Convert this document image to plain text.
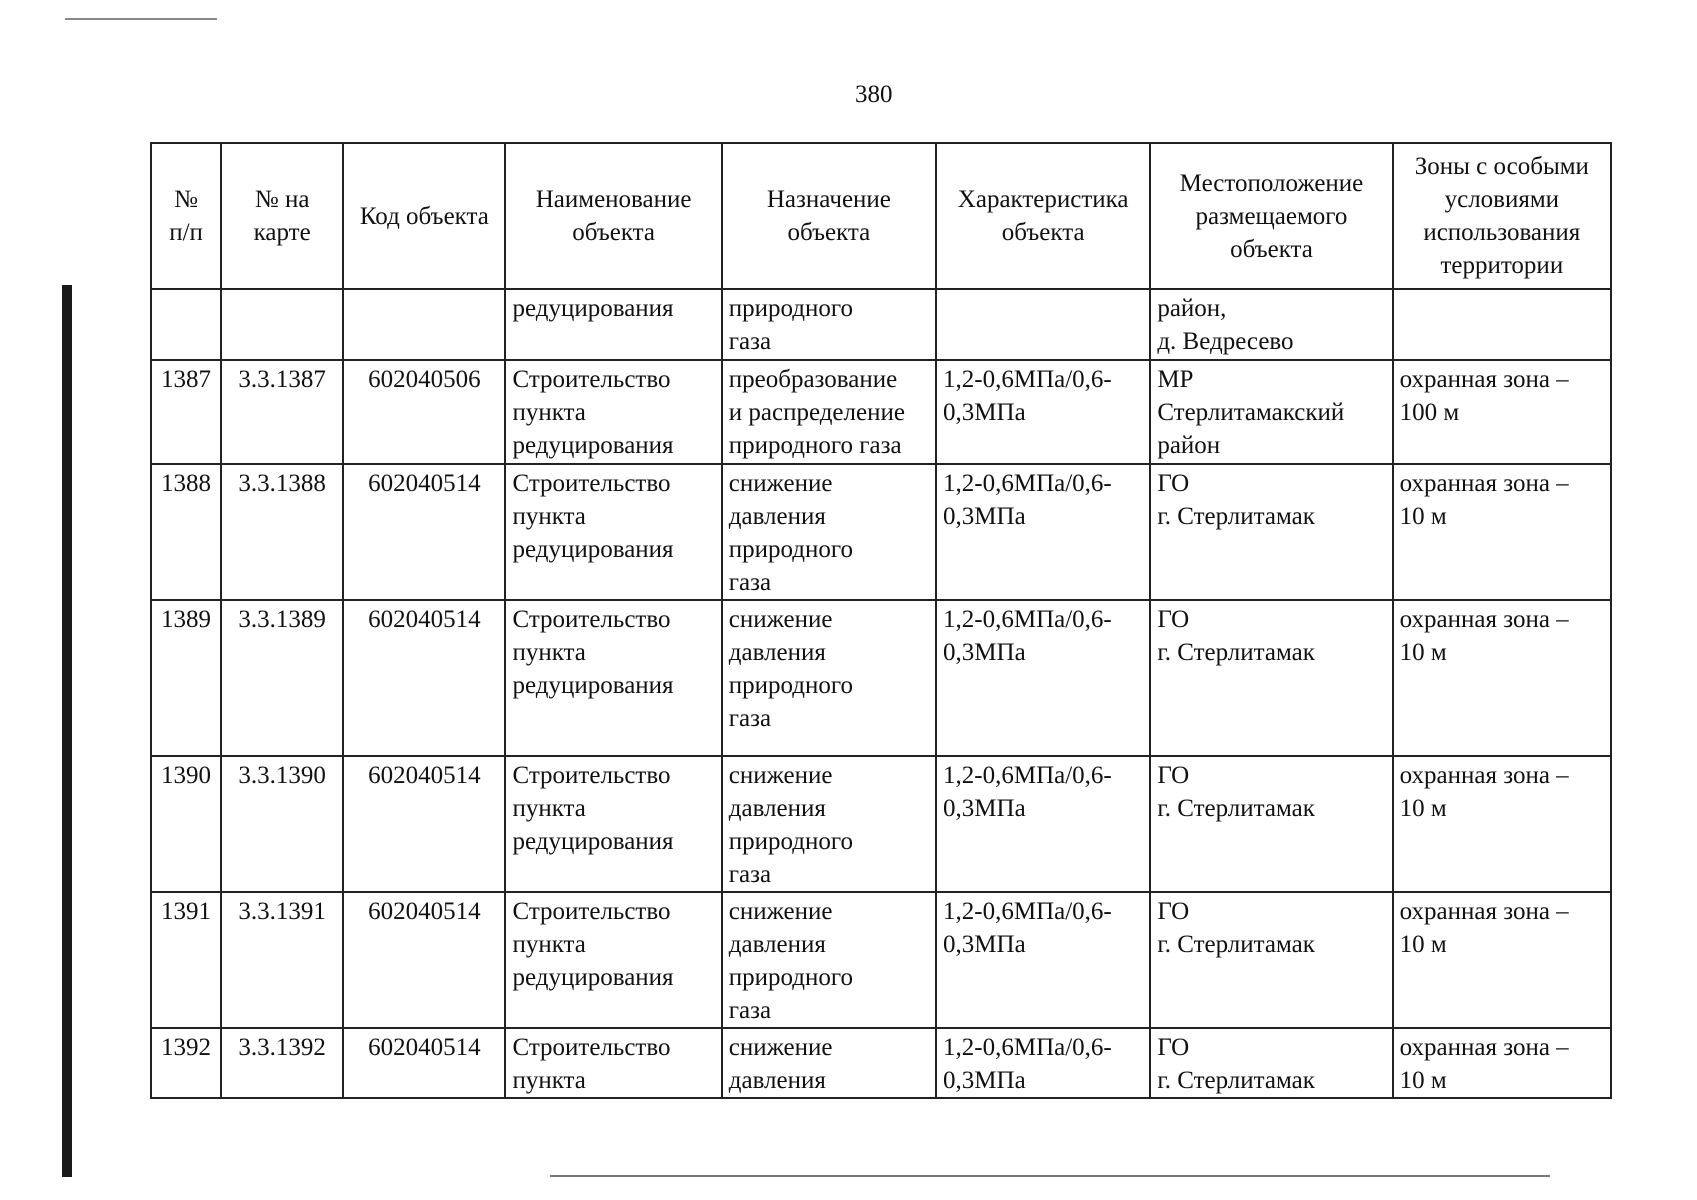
380
№
п/п	№ на
карте	Код объекта	Наименование
объекта	Назначение
объекта	Характеристика
объекта	Местоположение
размещаемого
объекта	Зоны с особыми
условиями
использования
территории
			редуцирования	природного
газа		район,
д. Ведресево	
1387	3.3.1387	602040506	Строительство
пункта
редуцирования	преобразование
и распределение
природного газа	1,2-0,6МПа/0,6-
0,3МПа	МР
Стерлитамакский
район	охранная зона –
100 м
1388	3.3.1388	602040514	Строительство
пункта
редуцирования	снижение
давления
природного
газа	1,2-0,6МПа/0,6-
0,3МПа	ГО
г. Стерлитамак	охранная зона –
10 м
1389	3.3.1389	602040514	Строительство
пункта
редуцирования	снижение
давления
природного
газа	1,2-0,6МПа/0,6-
0,3МПа	ГО
г. Стерлитамак	охранная зона –
10 м
1390	3.3.1390	602040514	Строительство
пункта
редуцирования	снижение
давления
природного
газа	1,2-0,6МПа/0,6-
0,3МПа	ГО
г. Стерлитамак	охранная зона –
10 м
1391	3.3.1391	602040514	Строительство
пункта
редуцирования	снижение
давления
природного
газа	1,2-0,6МПа/0,6-
0,3МПа	ГО
г. Стерлитамак	охранная зона –
10 м
1392	3.3.1392	602040514	Строительство
пункта	снижение
давления	1,2-0,6МПа/0,6-
0,3МПа	ГО
г. Стерлитамак	охранная зона –
10 м
